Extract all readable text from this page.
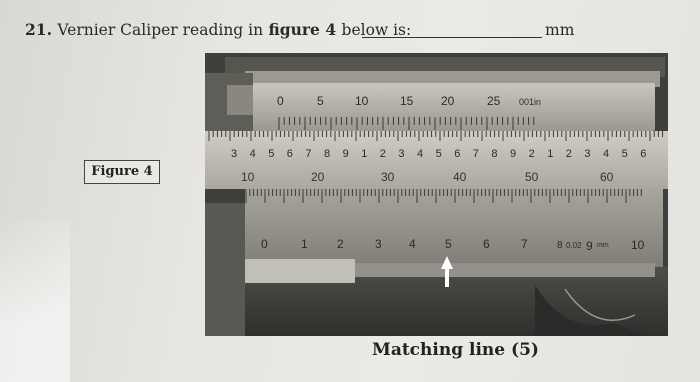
21. Vernier Caliper reading in figure 4 below is:	mm
Figure 4
0	5	10	15 20	25 001in
3 4 5 6 7 8 9 1 2 3 4 5 6 7 8 9 2 1 2 3 4 5 6
10	20	30	40	50	60
0	1 2	3 4 5	6	7	8 0.02 9 mm 10
Matching line (5)
